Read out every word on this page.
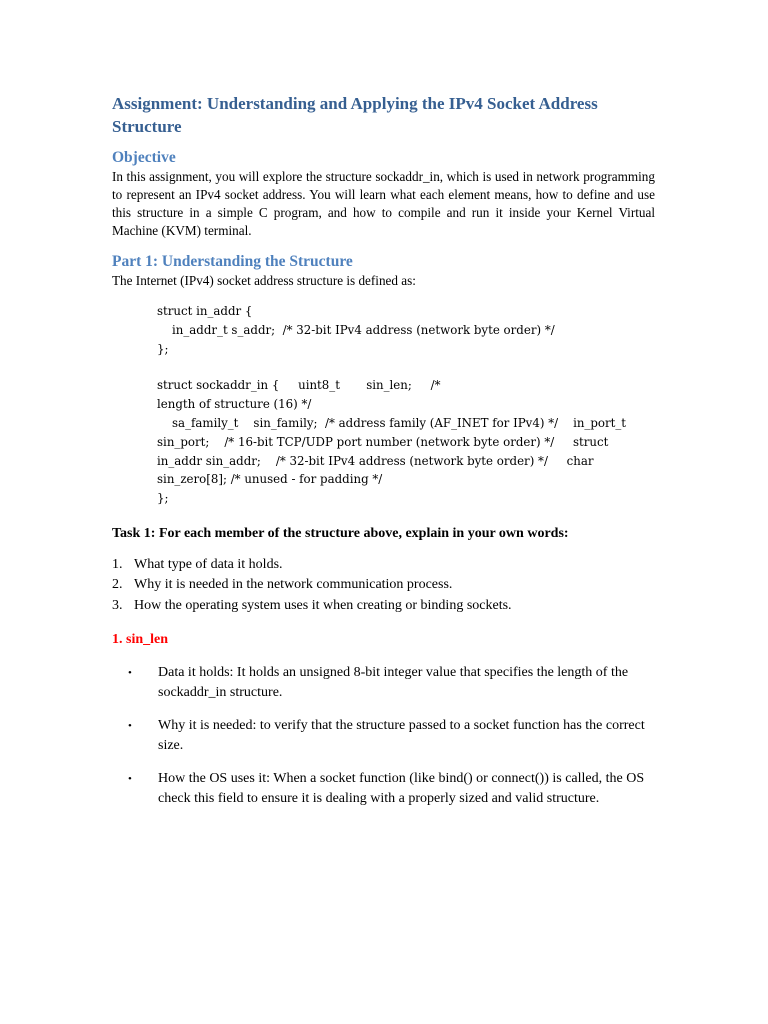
Assignment: Understanding and Applying the IPv4 Socket Address Structure
Objective

In this assignment, you will explore the structure sockaddr_in, which is used in network programming to represent an IPv4 socket address. You will learn what each element means, how to define and use this structure in a simple C program, and how to compile and run it inside your Kernel Virtual Machine (KVM) terminal.

Part 1: Understanding the Structure

The Internet (IPv4) socket address structure is defined as:

struct in_addr {
in_addr_t s_addr;  /* 32-bit IPv4 address (network byte order) */
};
struct sockaddr_in {     uint8_t       sin_len;     /*
length of structure (16) */
sa_family_t    sin_family;  /* address family (AF_INET for IPv4) */    in_port_t
sin_port;    /* 16-bit TCP/UDP port number (network byte order) */     struct
in_addr sin_addr;    /* 32-bit IPv4 address (network byte order) */     char
sin_zero[8]; /* unused - for padding */
};

Task 1: For each member of the structure above, explain in your own words:

1. What type of data it holds.
2. Why it is needed in the network communication process.
3. How the operating system uses it when creating or binding sockets.

1. sin_len

•	Data it holds: It holds an unsigned 8-bit integer value that specifies the length of the sockaddr_in structure.
•	Why it is needed: to verify that the structure passed to a socket function has the correct size.
•	How the OS uses it: When a socket function (like bind() or connect()) is called, the OS check this field to ensure it is dealing with a properly sized and valid structure.
